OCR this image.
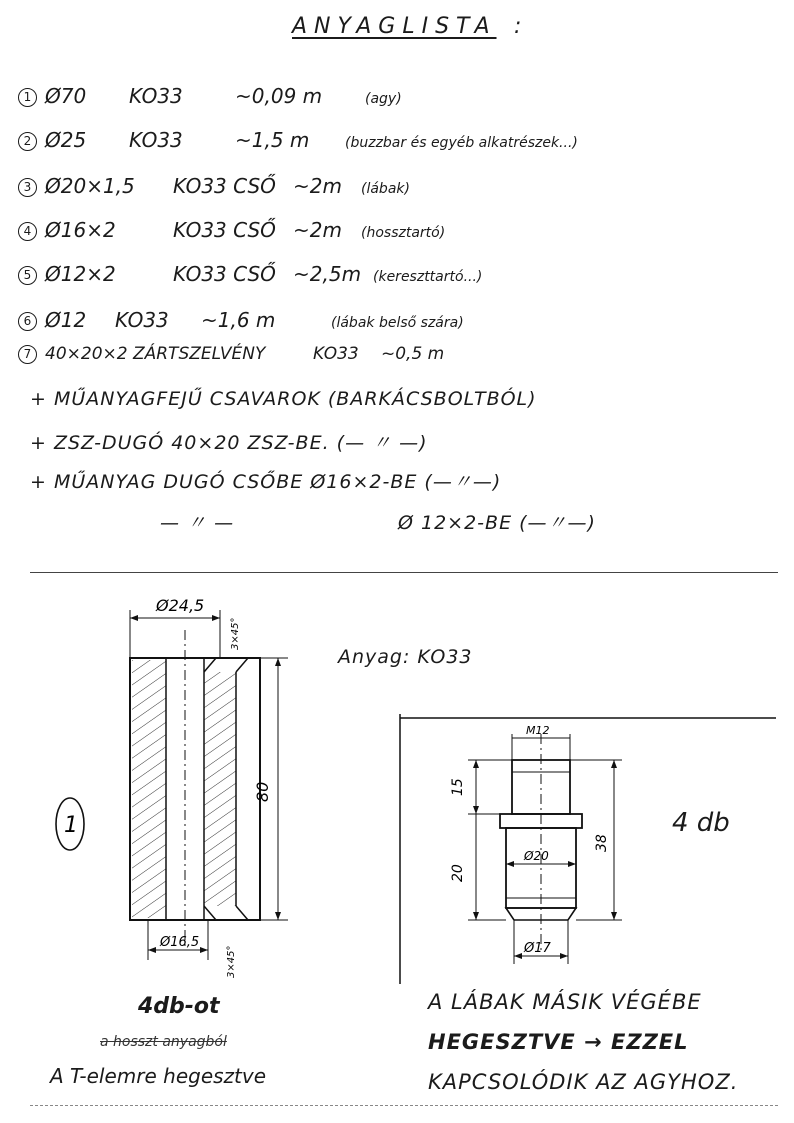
ANYAGLISTA :
1 Ø70 KO33	~0,09 m	(agy)
2 Ø25 KO33	~1,5 m	(buzzbar és egyéb alkatrészek...)
3 Ø20×1,5 KO33 CSŐ ~2m (lábak)
4 Ø16×2	KO33 CSŐ ~2m (hossztartó)
5 Ø12×2	KO33 CSŐ ~2,5m (kereszttartó...)
6 Ø12 KO33 ~1,6 m	(lábak belső szára)
7 40×20×2 ZÁRTSZELVÉNY	KO33 ~0,5 m
+ MŰANYAGFEJŰ CSAVAROK (BARKÁCSBOLTBÓL)
+ ZSZ-DUGÓ 40×20 ZSZ-BE. (— 〃 —)
+ MŰANYAG DUGÓ CSŐBE Ø16×2-BE (—〃—)
— 〃 —	Ø 12×2-BE (—〃—)
Ø24,5
3×45°
80
Ø16,5
3×45°
1
4db-ot
a hosszt anyagból
A T-elemre hegesztve
Anyag: KO33
M12
15
20
38
Ø20
Ø17
4 db
A LÁBAK MÁSIK VÉGÉBE
HEGESZTVE → EZZEL
KAPCSOLÓDIK AZ AGYHOZ.
